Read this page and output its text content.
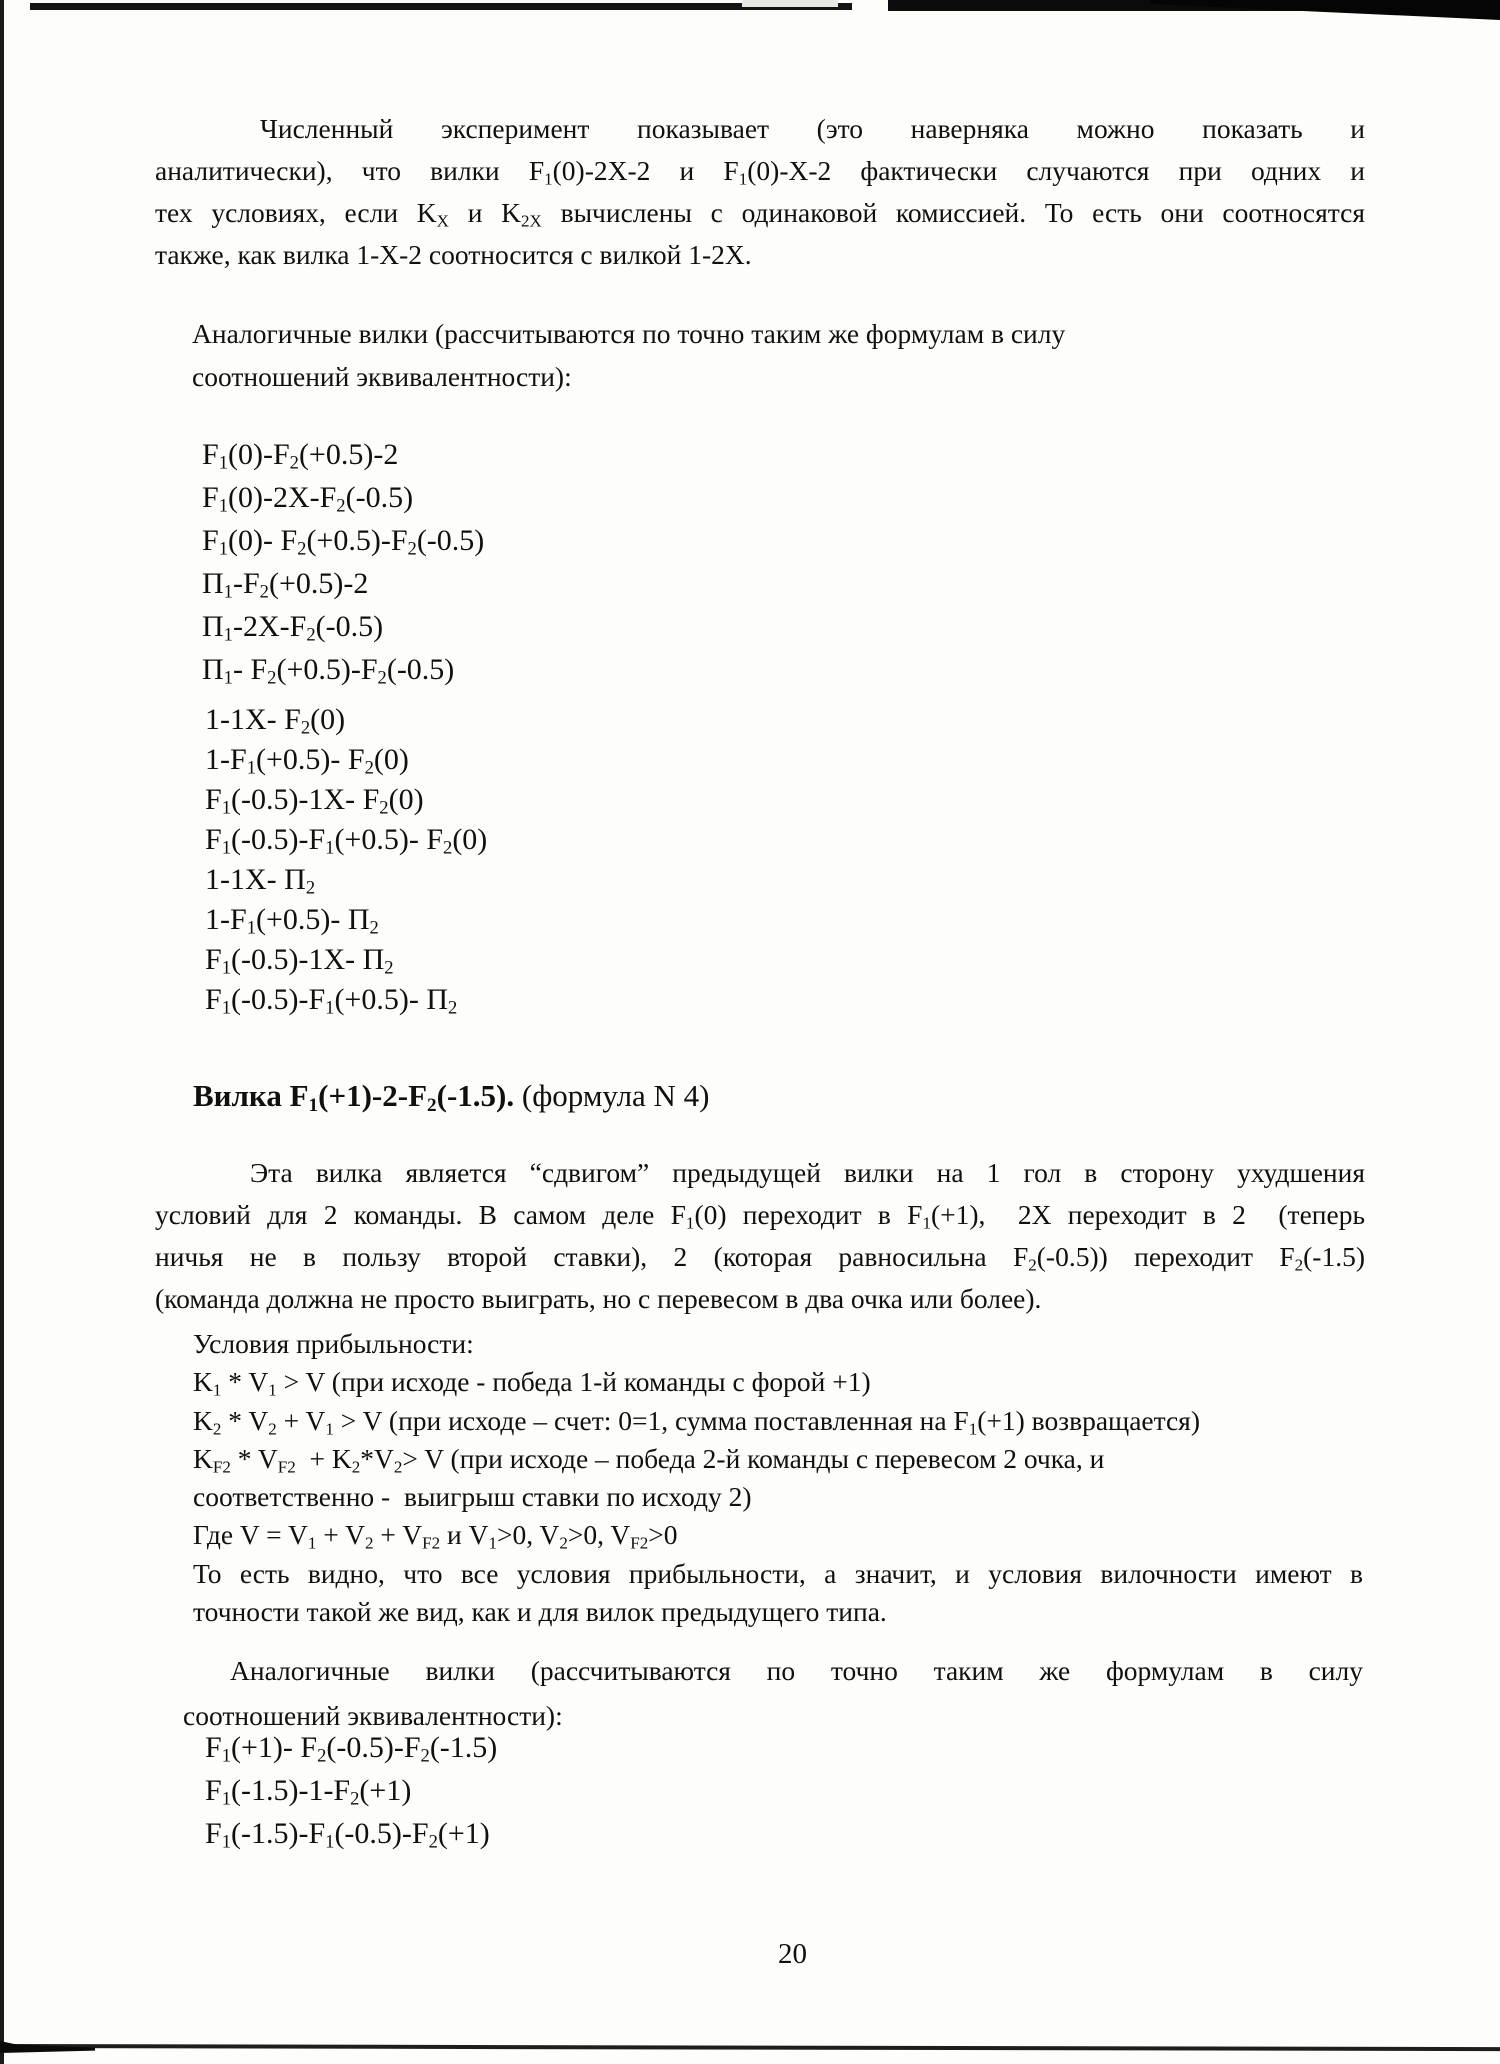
Численный эксперимент показывает (это наверняка можно показать и
аналитически), что вилки $F_1(0)-2X-2$ и $F_1(0)-X-2$ фактически случаются при одних и
тех условиях, если $K_X$ и $K_{2X}$ вычислены с одинаковой комиссией. То есть они соотносятся
также, как вилка 1-X-2 соотносится с вилкой 1-2X.
Аналогичные вилки (рассчитываются по точно таким же формулам в силу
соотношений эквивалентности):
$F_1(0)-F_2(+0.5)-2$
$F_1(0)-2X-F_2(-0.5)$
$F_1(0)-$ $F_2(+0.5)-F_2(-0.5)$
$П_1-F_2(+0.5)-2$
$П_1-2X-F_2(-0.5)$
$П_1-$ $F_2(+0.5)-F_2(-0.5)$
1-1X- $F_2(0)$
$1-F_1(+0.5)-$ $F_2(0)$
$F_1(-0.5)-1X-$ $F_2(0)$
$F_1(-0.5)-F_1(+0.5)-$ $F_2(0)$
1-1X- $П_2$
$1-F_1(+0.5)-$ $П_2$
$F_1(-0.5)-1X-$ $П_2$
$F_1(-0.5)-F_1(+0.5)-$ $П_2$
Вилка $F_1(+1)-2-F_2(-1.5)$. (формула N 4)
Эта вилка является “сдвигом” предыдущей вилки на 1 гол в сторону ухудшения
условий для 2 команды. В самом деле $F_1(0)$ переходит в $F_1(+1)$,  2X переходит в 2  (теперь
ничья не в пользу второй ставки), 2 (которая равносильна $F_2(-0.5)$) переходит $F_2(-1.5)$
(команда должна не просто выиграть, но с перевесом в два очка или более).
Условия прибыльности:
$K_1 * V_1 > V$ (при исходе - победа 1-й команды с форой +1)
$K_2 * V_2 + V_1 > V$ (при исходе – счет: 0=1, сумма поставленная на $F_1(+1)$ возвращается)
$K_{F2} * V_{F2} + K_2*V_2> V$ (при исходе – победа 2-й команды с перевесом 2 очка, и
соответственно -  выигрыш ставки по исходу 2)
Где $V = V_1 + V_2 + V_{F2}$ и $V_1>0$, $V_2>0$, $V_{F2}>0$
То есть видно, что все условия прибыльности, а значит, и условия вилочности имеют в
точности такой же вид, как и для вилок предыдущего типа.
Аналогичные вилки (рассчитываются по точно таким же формулам в силу
соотношений эквивалентности):
$F_1(+1)-$ $F_2(-0.5)-F_2(-1.5)$
$F_1(-1.5)-1-F_2(+1)$
$F_1(-1.5)-F_1(-0.5)-F_2(+1)$
20
